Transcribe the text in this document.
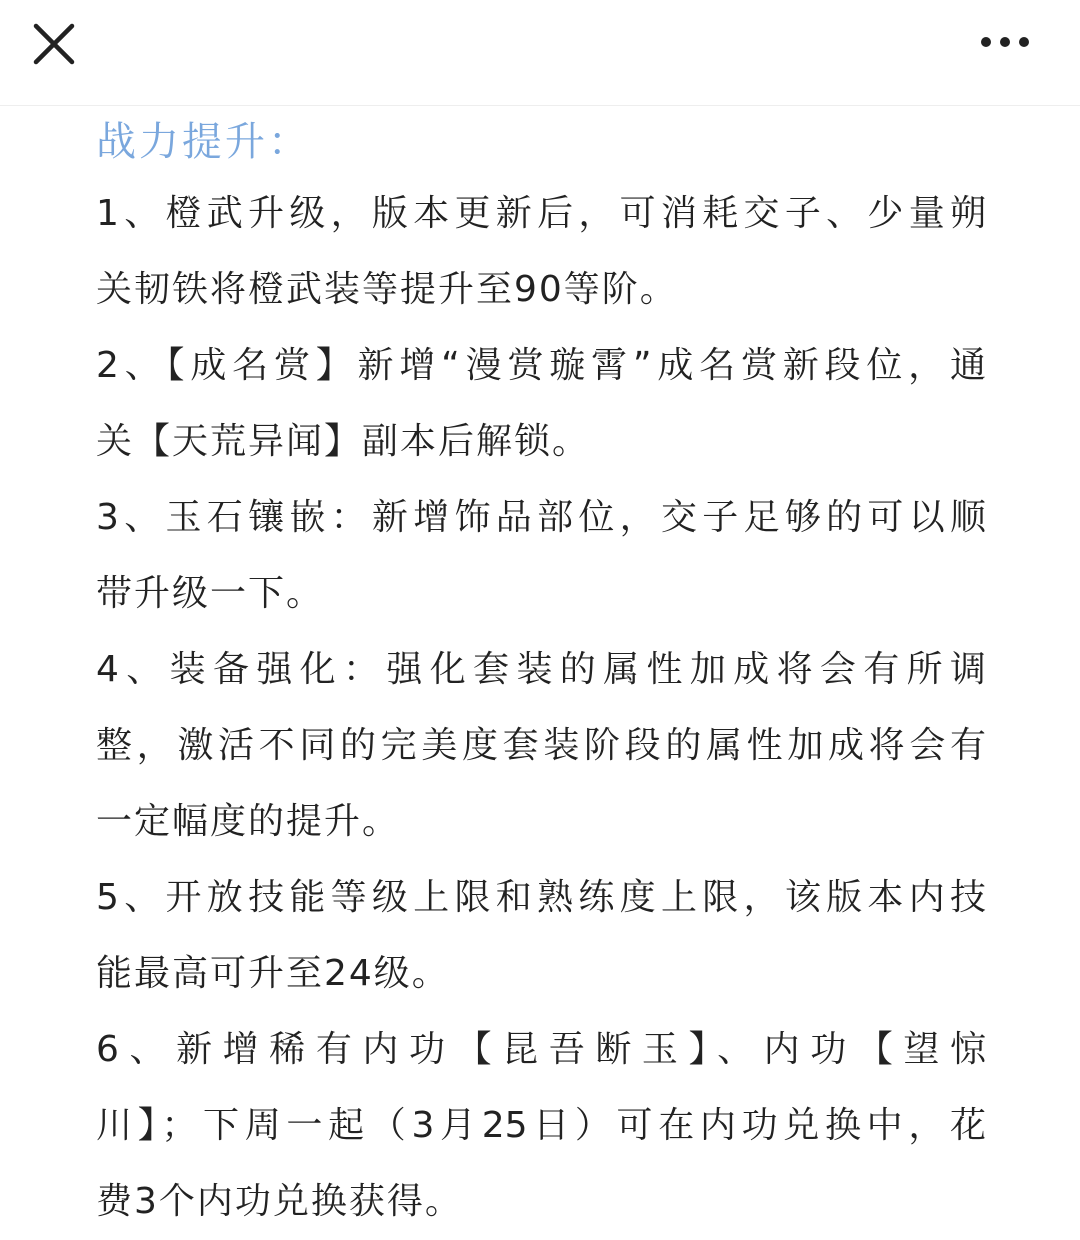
战力提升：
1、橙武升级，版本更新后，可消耗交子、少量朔
关韧铁将橙武装等提升至90等阶。
2、【成名赏】新增“漫赏璇霄”成名赏新段位，通
关【天荒异闻】副本后解锁。
3、玉石镶嵌：新增饰品部位，交子足够的可以顺
带升级一下。
4、装备强化：强化套装的属性加成将会有所调
整，激活不同的完美度套装阶段的属性加成将会有
一定幅度的提升。
5、开放技能等级上限和熟练度上限，该版本内技
能最高可升至24级。
6、新增稀有内功【昆吾断玉】、内功【望惊
川】；下周一起（3月25日）可在内功兑换中，花
费3个内功兑换获得。
